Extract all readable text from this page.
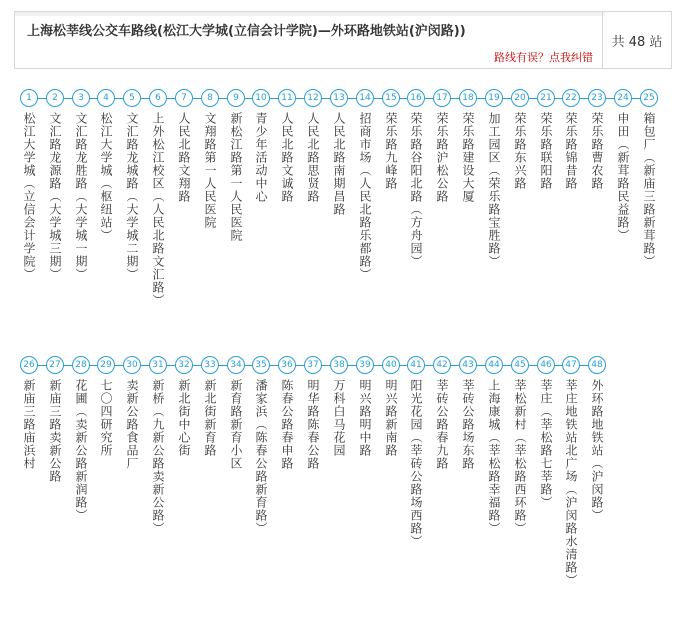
上海松莘线公交车路线(松江大学城(立信会计学院)—外环路地铁站(沪闵路))
路线有误？点我纠错
共 48 站
1
松江大学城（立信会计学院）
2
文汇路龙源路（大学城三期）
3
文汇路龙胜路（大学城一期）
4
松江大学城（枢纽站）
5
文汇路龙城路（大学城二期）
6
上外松江校区（人民北路文汇路）
7
人民北路文翔路
8
文翔路第一人民医院
9
新松江路第一人民医院
10
青少年活动中心
11
人民北路文诚路
12
人民北路思贤路
13
人民北路南期昌路
14
招商市场（人民北路乐都路）
15
荣乐路九峰路
16
荣乐路谷阳北路（方舟园）
17
荣乐路沪松公路
18
荣乐路建设大厦
19
加工园区（荣乐路宝胜路）
20
荣乐路东兴路
21
荣乐路联阳路
22
荣乐路锦昔路
23
荣乐路曹农路
24
申田（新茸路民益路）
25
箱包厂（新庙三路新茸路）
26
新庙三路庙浜村
27
新庙三路卖新公路
28
花圃（卖新公路新润路）
29
七〇四研究所
30
卖新公路食品厂
31
新桥（九新公路卖新公路）
32
新北街中心街
33
新北街新育路
34
新育路新育小区
35
潘家浜（陈春公路新育路）
36
陈春公路春申路
37
明华路陈春公路
38
万科白马花园
39
明兴路明中路
40
明兴路新南路
41
阳光花园（莘砖公路场西路）
42
莘砖公路春九路
43
莘砖公路场东路
44
上海康城（莘松路幸福路）
45
莘松新村（莘松路西环路）
46
莘庄（莘松路七莘路）
47
莘庄地铁站北广场（沪闵路水清路）
48
外环路地铁站（沪闵路）
